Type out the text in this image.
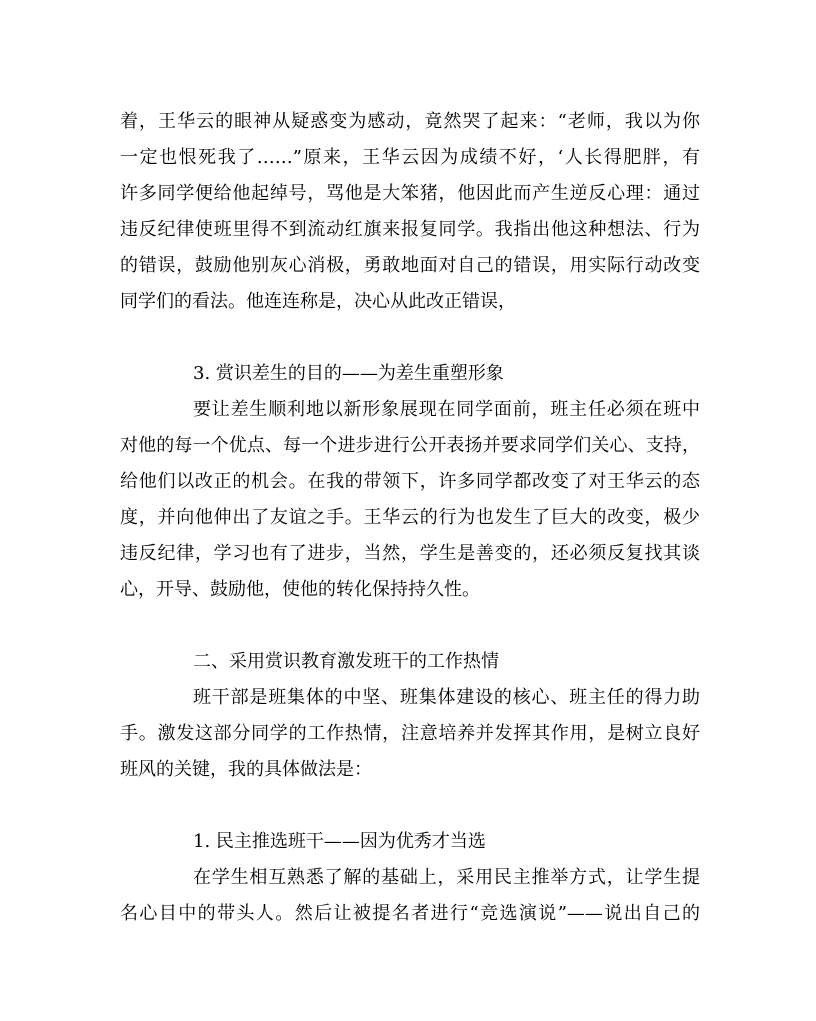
着，王华云的眼神从疑惑变为感动，竟然哭了起来：“老师，我以为你
一定也恨死我了……”原来，王华云因为成绩不好，‘人长得肥胖，有
许多同学便给他起绰号，骂他是大笨猪，他因此而产生逆反心理：通过
违反纪律使班里得不到流动红旗来报复同学。我指出他这种想法、行为
的错误，鼓励他别灰心消极，勇敢地面对自己的错误，用实际行动改变
同学们的看法。他连连称是，决心从此改正错误，
3. 赏识差生的目的——为差生重塑形象
要让差生顺利地以新形象展现在同学面前，班主任必须在班中
对他的每一个优点、每一个进步进行公开表扬并要求同学们关心、支持，
给他们以改正的机会。在我的带领下，许多同学都改变了对王华云的态
度，并向他伸出了友谊之手。王华云的行为也发生了巨大的改变，极少
违反纪律，学习也有了进步，当然，学生是善变的，还必须反复找其谈
心，开导、鼓励他，使他的转化保持持久性。
二、采用赏识教育激发班干的工作热情
班干部是班集体的中坚、班集体建设的核心、班主任的得力助
手。激发这部分同学的工作热情，注意培养并发挥其作用，是树立良好
班风的关键，我的具体做法是：
1. 民主推选班干——因为优秀才当选
在学生相互熟悉了解的基础上，采用民主推举方式，让学生提
名心目中的带头人。然后让被提名者进行“竞选演说”——说出自己的
